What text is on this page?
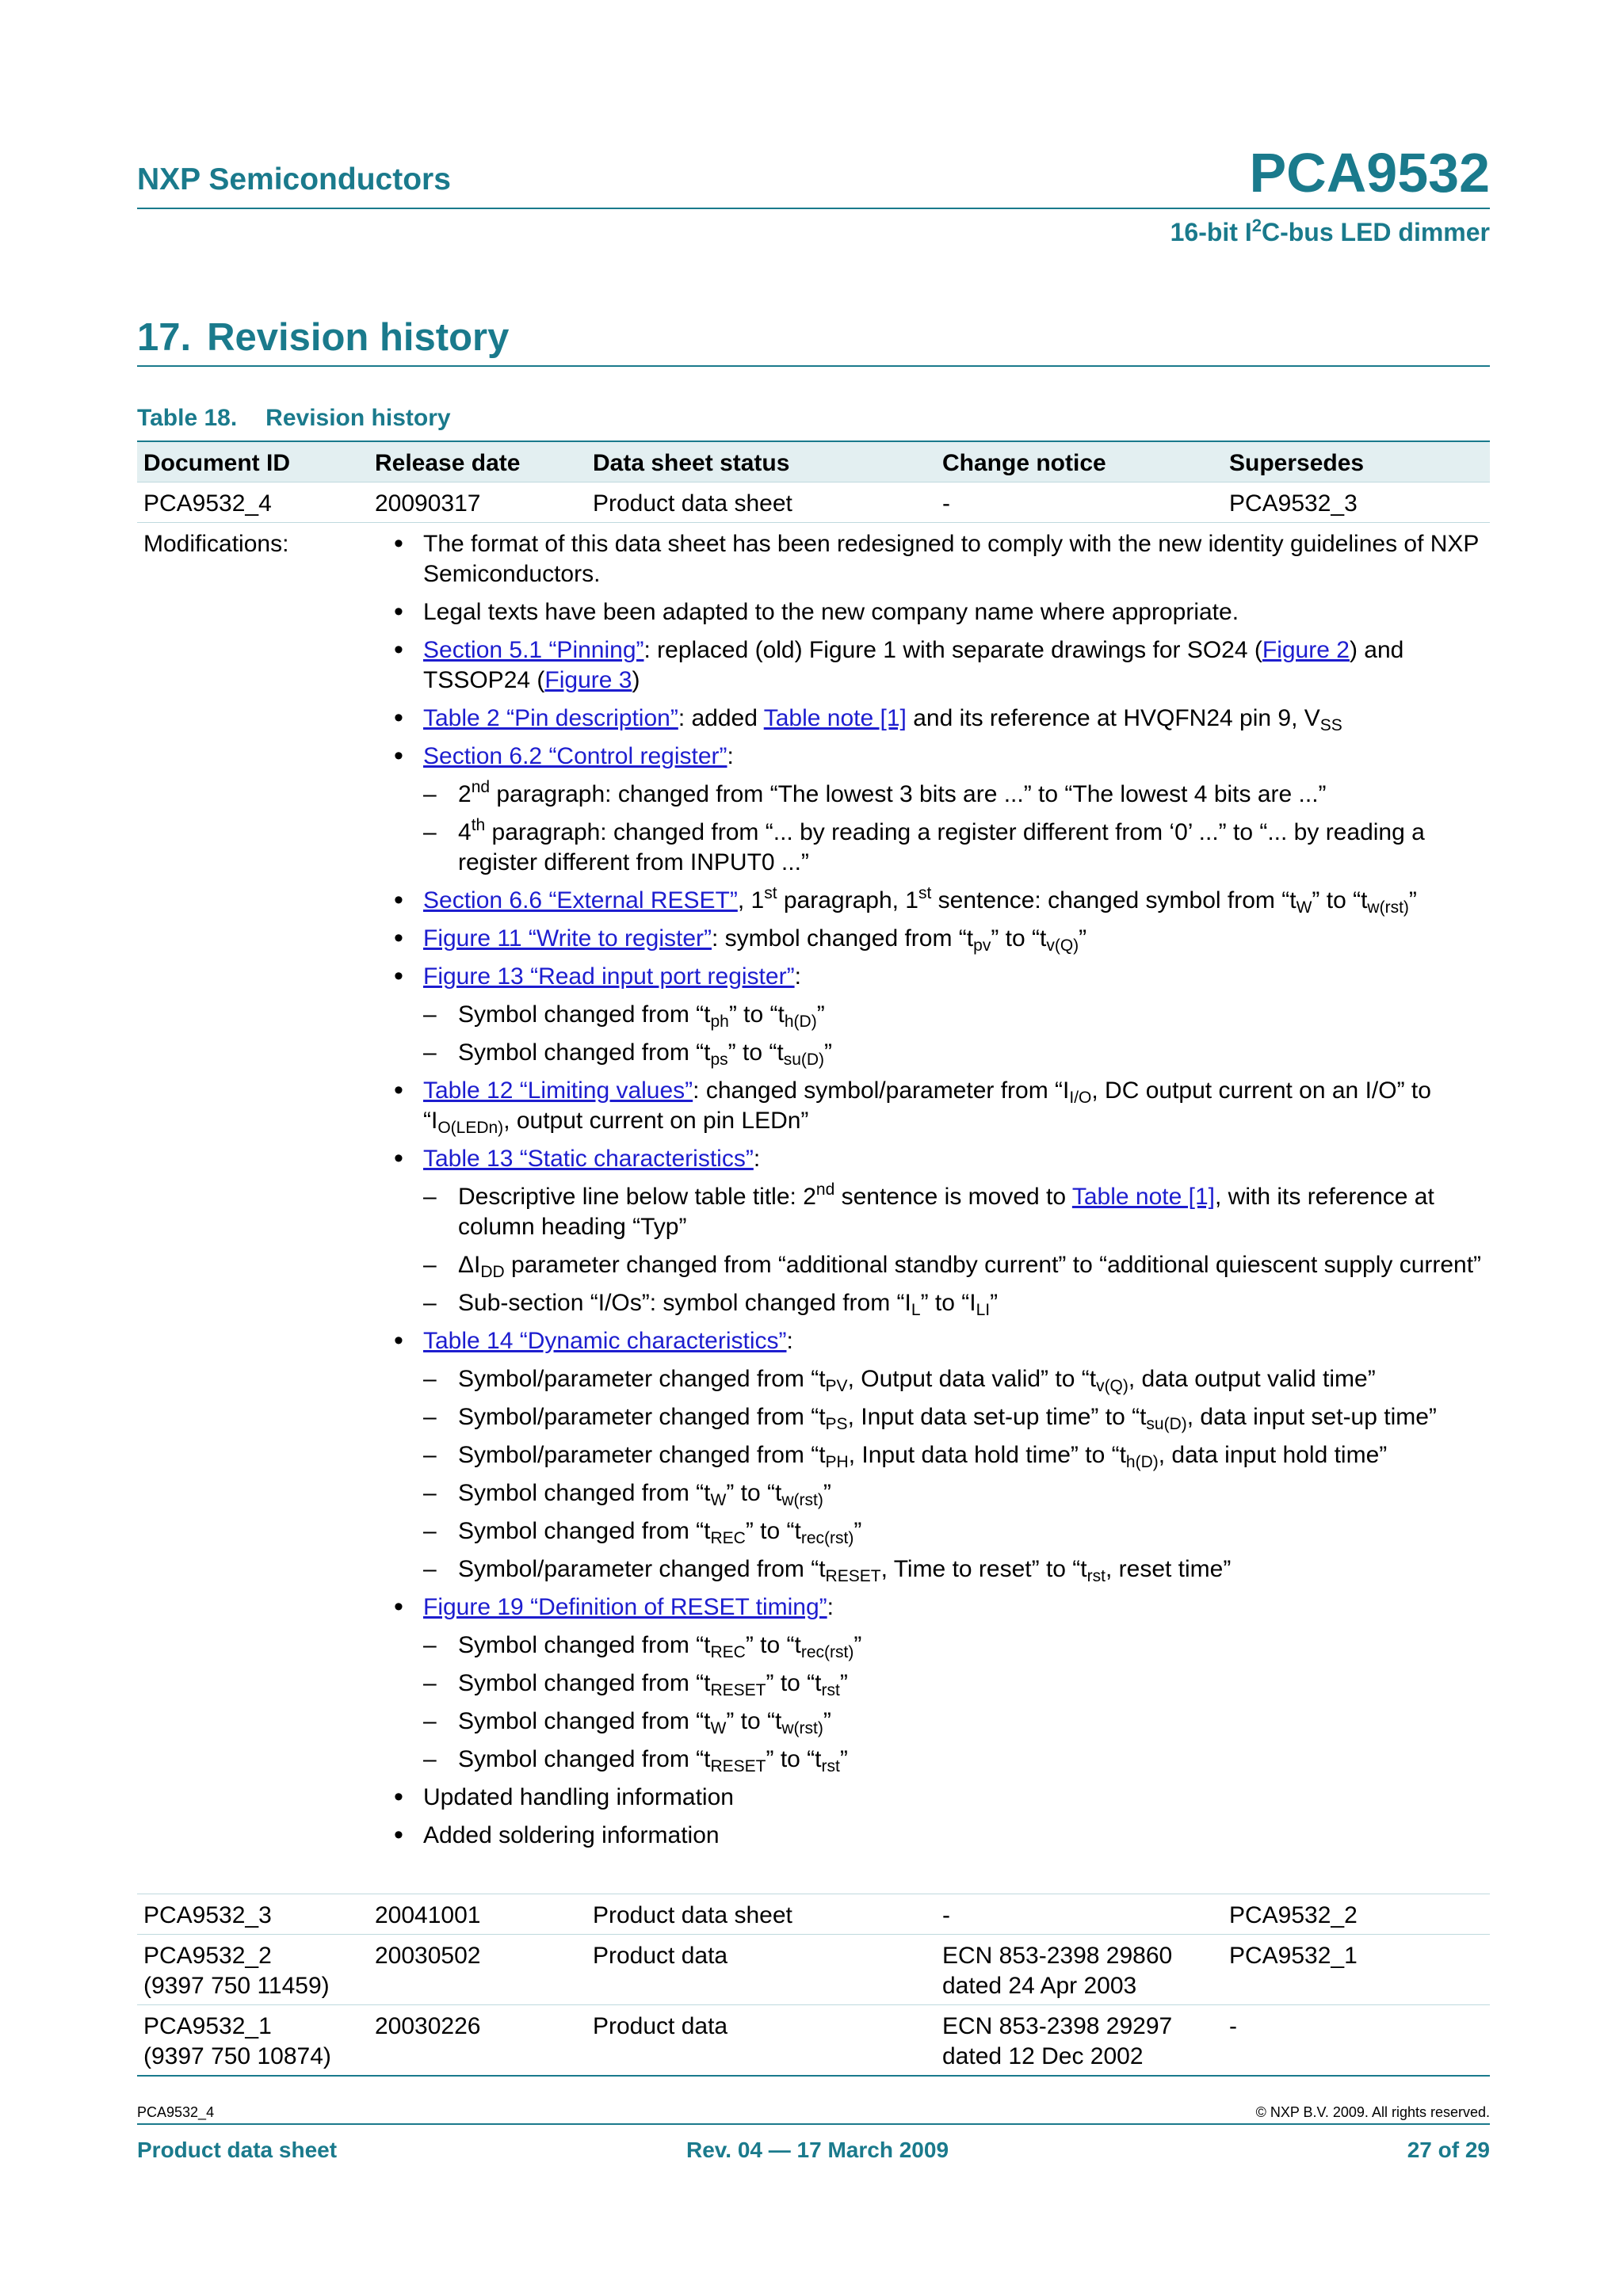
NXP Semiconductors	PCA9532
16-bit $I^2C$-bus LED dimmer
17. Revision history
Table 18. Revision history
Document ID	Release date	Data sheet status	Change notice	Supersedes
PCA9532_4	20090317	Product data sheet	-	PCA9532_3
Modifications:
•	The format of this data sheet has been redesigned to comply with the new identity guidelines of NXP Semiconductors.
• Legal texts have been adapted to the new company name where appropriate.
• Section 5.1 “Pinning”: replaced (old) Figure 1 with separate drawings for SO24 (Figure 2) and TSSOP24 (Figure 3)
• Table 2 “Pin description”: added Table note [1] and its reference at HVQFN24 pin 9, $V_{SS}$
• Section 6.2 “Control register”:
– 2nd paragraph: changed from “The lowest 3 bits are ...” to “The lowest 4 bits are ...”
– 4th paragraph: changed from “... by reading a register different from ‘0’ ...” to “... by reading a register different from INPUT0 ...”
• Section 6.6 “External RESET”, 1st paragraph, 1st sentence: changed symbol from “$t_W$” to “$t_{w(rst)}$”
• Figure 11 “Write to register”: symbol changed from “$t_{pv}$” to “$t_{v(Q)}$”
• Figure 13 “Read input port register”:
– Symbol changed from “$t_{ph}$” to “$t_{h(D)}$”
– Symbol changed from “$t_{ps}$” to “$t_{su(D)}$”
• Table 12 “Limiting values”: changed symbol/parameter from “$I_{I/O}$, DC output current on an I/O” to “$I_{O(LEDn)}$, output current on pin LEDn”
• Table 13 “Static characteristics”:
– Descriptive line below table title: 2nd sentence is moved to Table note [1], with its reference at column heading “Typ”
– $\Delta I_{DD}$ parameter changed from “additional standby current” to “additional quiescent supply current”
– Sub-section “I/Os”: symbol changed from “$I_L$” to “$I_{LI}$”
• Table 14 “Dynamic characteristics”:
– Symbol/parameter changed from “$t_{PV}$, Output data valid” to “$t_{v(Q)}$, data output valid time”
– Symbol/parameter changed from “$t_{PS}$, Input data set-up time” to “$t_{su(D)}$, data input set-up time”
– Symbol/parameter changed from “$t_{PH}$, Input data hold time” to “$t_{h(D)}$, data input hold time”
– Symbol changed from “$t_W$” to “$t_{w(rst)}$”
– Symbol changed from “$t_{REC}$” to “$t_{rec(rst)}$”
– Symbol/parameter changed from “$t_{RESET}$, Time to reset” to “$t_{rst}$, reset time”
• Figure 19 “Definition of RESET timing”:
– Symbol changed from “$t_{REC}$” to “$t_{rec(rst)}$”
– Symbol changed from “$t_{RESET}$” to “$t_{rst}$”
– Symbol changed from “$t_W$” to “$t_{w(rst)}$”
– Symbol changed from “$t_{RESET}$” to “$t_{rst}$”
• Updated handling information
• Added soldering information
PCA9532_3	20041001	Product data sheet	-	PCA9532_2
PCA9532_2
(9397 750 11459)
20030502	Product data	ECN 853-2398 29860
dated 24 Apr 2003
PCA9532_1
PCA9532_1
(9397 750 10874)
20030226	Product data	ECN 853-2398 29297
dated 12 Dec 2002
-
PCA9532_4	© NXP B.V. 2009. All rights reserved.
Product data sheet	Rev. 04 — 17 March 2009	27 of 29
